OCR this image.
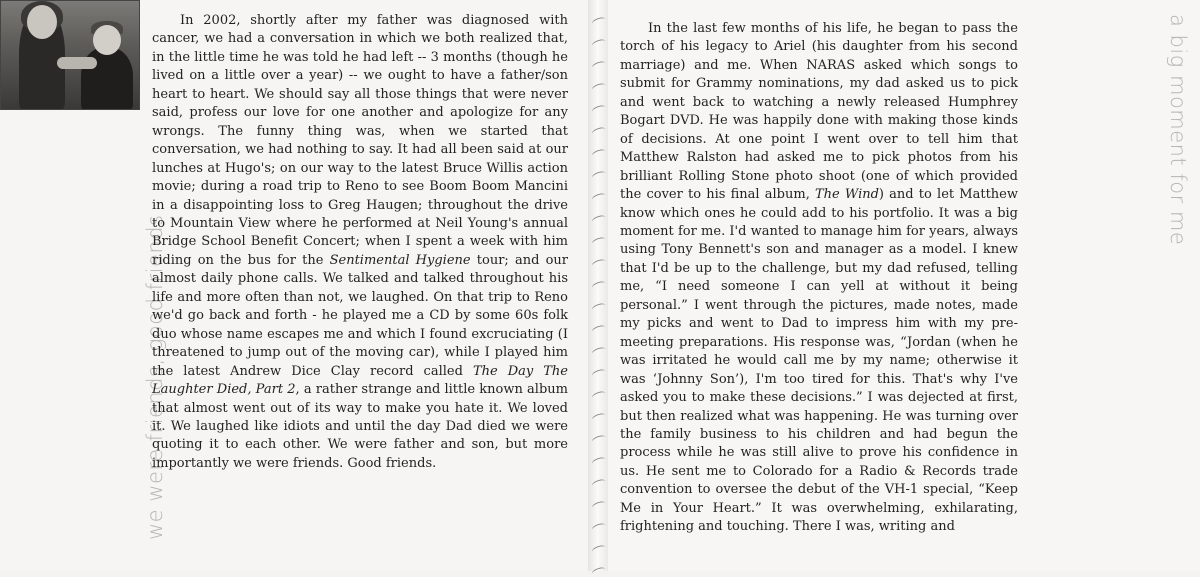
we were friends, good friends

In 2002, shortly after my father was diagnosed with cancer, we had a conversation in which we both realized that, in the little time he was told he had left -- 3 months (though he lived on a little over a year) -- we ought to have a father/son heart to heart. We should say all those things that were never said, profess our love for one another and apologize for any wrongs. The funny thing was, when we started that conversation, we had nothing to say. It had all been said at our lunches at Hugo's; on our way to the latest Bruce Willis action movie; during a road trip to Reno to see Boom Boom Mancini in a disappointing loss to Greg Haugen; throughout the drive to Mountain View where he performed at Neil Young's annual Bridge School Benefit Concert; when I spent a week with him riding on the bus for the Sentimental Hygiene tour; and our almost daily phone calls. We talked and talked throughout his life and more often than not, we laughed. On that trip to Reno we'd go back and forth - he played me a CD by some 60s folk duo whose name escapes me and which I found excruciating (I threatened to jump out of the moving car), while I played him the latest Andrew Dice Clay record called The Day The Laughter Died, Part 2, a rather strange and little known album that almost went out of its way to make you hate it. We loved it. We laughed like idiots and until the day Dad died we were quoting it to each other. We were father and son, but more importantly we were friends. Good friends.

In the last few months of his life, he began to pass the torch of his legacy to Ariel (his daughter from his second marriage) and me. When NARAS asked which songs to submit for Grammy nominations, my dad asked us to pick and went back to watching a newly released Humphrey Bogart DVD. He was happily done with making those kinds of decisions. At one point I went over to tell him that Matthew Ralston had asked me to pick photos from his brilliant Rolling Stone photo shoot (one of which provided the cover to his final album, The Wind) and to let Matthew know which ones he could add to his portfolio. It was a big moment for me. I'd wanted to manage him for years, always using Tony Bennett's son and manager as a model. I knew that I'd be up to the challenge, but my dad refused, telling me, “I need someone I can yell at without it being personal.” I went through the pictures, made notes, made my picks and went to Dad to impress him with my pre-meeting preparations. His response was, “Jordan (when he was irritated he would call me by my name; otherwise it was ‘Johnny Son’), I'm too tired for this. That's why I've asked you to make these decisions.” I was dejected at first, but then realized what was happening. He was turning over the family business to his children and had begun the process while he was still alive to prove his confidence in us. He sent me to Colorado for a Radio & Records trade convention to oversee the debut of the VH-1 special, “Keep Me in Your Heart.” It was overwhelming, exhilarating, frightening and touching. There I was, writing and

a big moment for me
